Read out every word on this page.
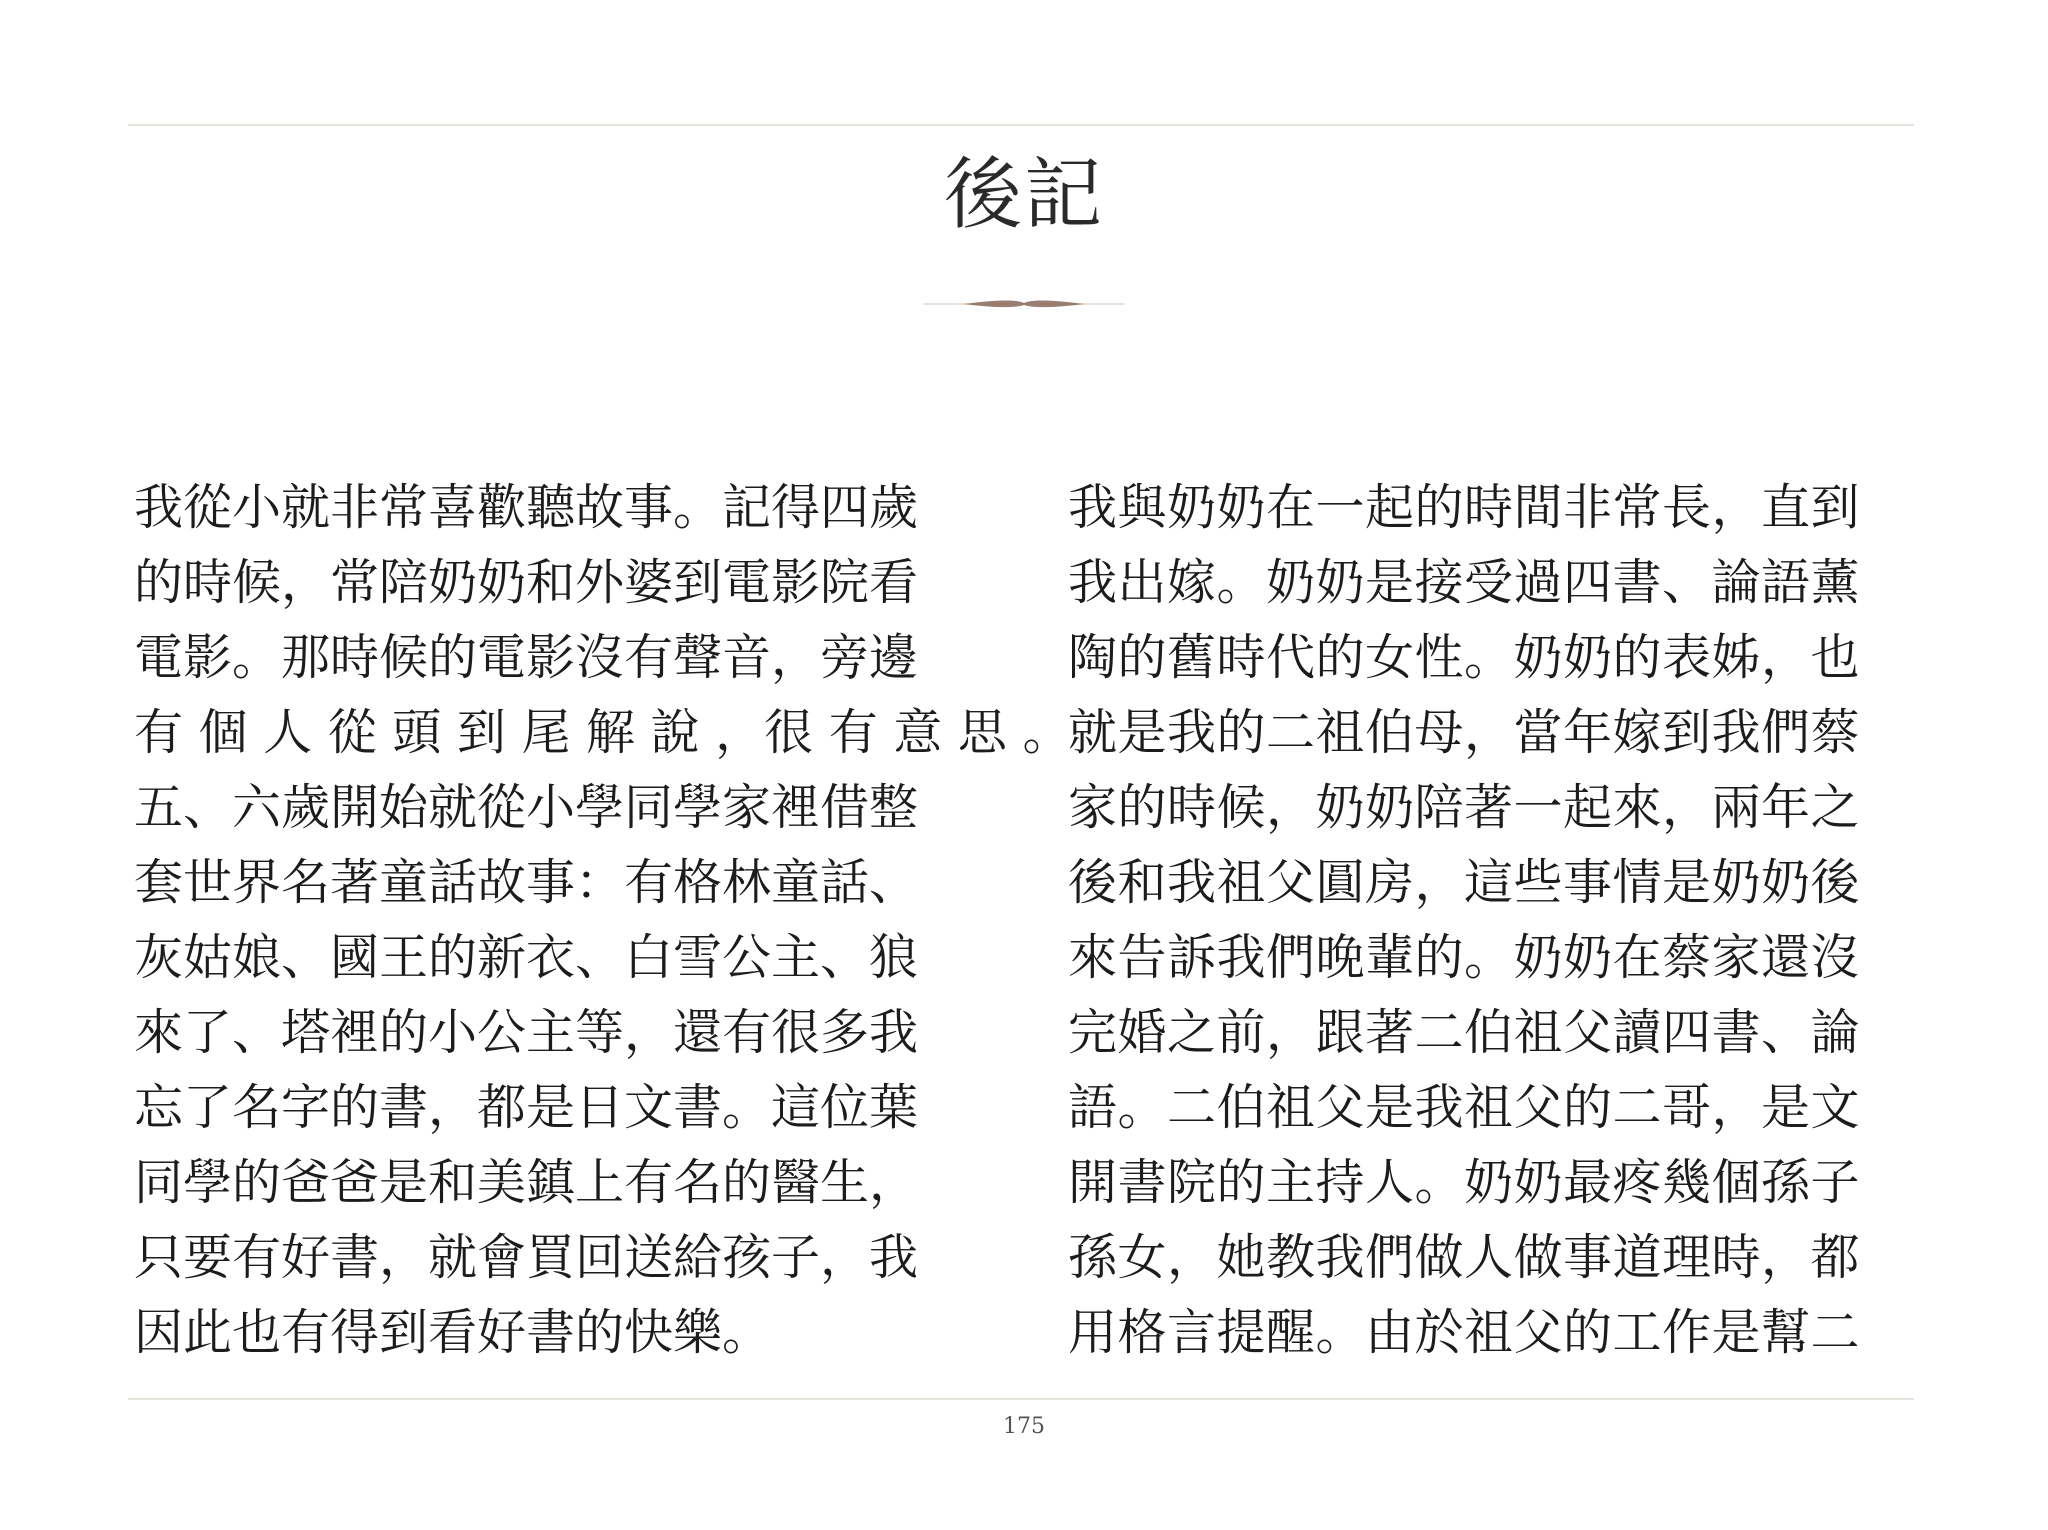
後記
我從小就非常喜歡聽故事。記得四歲
的時候，常陪奶奶和外婆到電影院看
電影。那時候的電影沒有聲音，旁邊
有 個 人 從 頭 到 尾 解 說 ，很 有 意 思 。
五、六歲開始就從小學同學家裡借整
套世界名著童話故事：有格林童話、
灰姑娘、國王的新衣、白雪公主、狼
來了、塔裡的小公主等，還有很多我
忘了名字的書，都是日文書。這位葉
同學的爸爸是和美鎮上有名的醫生，
只要有好書，就會買回送給孩子，我
因此也有得到看好書的快樂。
我與奶奶在一起的時間非常長，直到
我出嫁。奶奶是接受過四書、論語薰
陶的舊時代的女性。奶奶的表姊，也
就是我的二祖伯母，當年嫁到我們蔡
家的時候，奶奶陪著一起來，兩年之
後和我祖父圓房，這些事情是奶奶後
來告訴我們晚輩的。奶奶在蔡家還沒
完婚之前，跟著二伯祖父讀四書、論
語。二伯祖父是我祖父的二哥，是文
開書院的主持人。奶奶最疼幾個孫子
孫女，她教我們做人做事道理時，都
用格言提醒。由於祖父的工作是幫二
175
